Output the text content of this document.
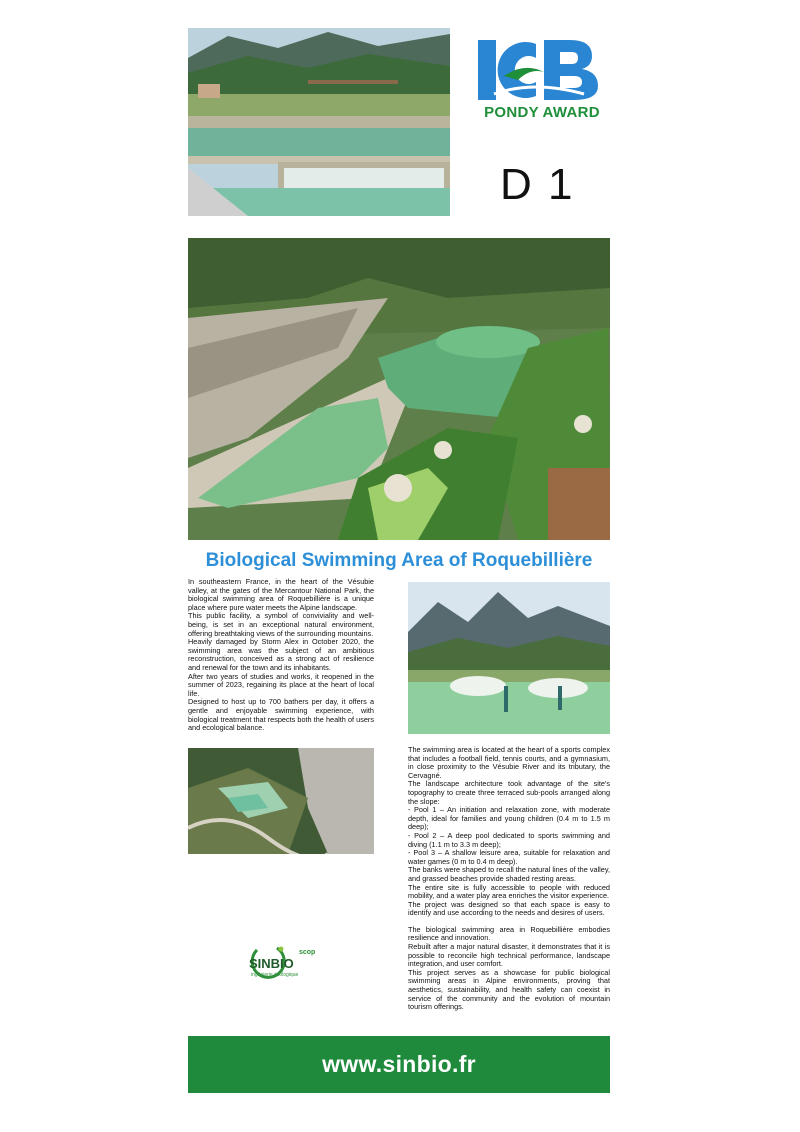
PONDY AWARD
D 1
Biological Swimming Area of Roquebillière

In southeastern France, in the heart of the Vésubie valley, at the gates of the Mercantour National Park, the biological swimming area of Roquebillière is a unique place where pure water meets the Alpine landscape.

This public facility, a symbol of conviviality and well-being, is set in an exceptional natural environment, offering breathtaking views of the surrounding mountains.

Heavily damaged by Storm Alex in October 2020, the swimming area was the subject of an ambitious reconstruction, conceived as a strong act of resilience and renewal for the town and its inhabitants.

After two years of studies and works, it reopened in the summer of 2023, regaining its place at the heart of local life.

Designed to host up to 700 bathers per day, it offers a gentle and enjoyable swimming experience, with biological treatment that respects both the health of users and ecological balance.

The swimming area is located at the heart of a sports complex that includes a football field, tennis courts, and a gymnasium, in close proximity to the Vésubie River and its tributary, the Cervagné.

The landscape architecture took advantage of the site's topography to create three terraced sub-pools arranged along the slope:

- Pool 1 – An initiation and relaxation zone, with moderate depth, ideal for families and young children (0.4 m to 1.5 m deep);

- Pool 2 – A deep pool dedicated to sports swimming and diving (1.1 m to 3.3 m deep);

- Pool 3 – A shallow leisure area, suitable for relaxation and water games (0 m to 0.4 m deep).

The banks were shaped to recall the natural lines of the valley, and grassed beaches provide shaded resting areas.

The entire site is fully accessible to people with reduced mobility, and a water play area enriches the visitor experience.

The project was designed so that each space is easy to identify and use according to the needs and desires of users.

The biological swimming area in Roquebillière embodies resilience and innovation.

Rebuilt after a major natural disaster, it demonstrates that it is possible to reconcile high technical performance, landscape integration, and user comfort.

This project serves as a showcase for public biological swimming areas in Alpine environments, proving that aesthetics, sustainability, and health safety can coexist in service of the community and the evolution of mountain tourism offerings.

scop
SINBIO
ingénierie écologique
www.sinbio.fr
